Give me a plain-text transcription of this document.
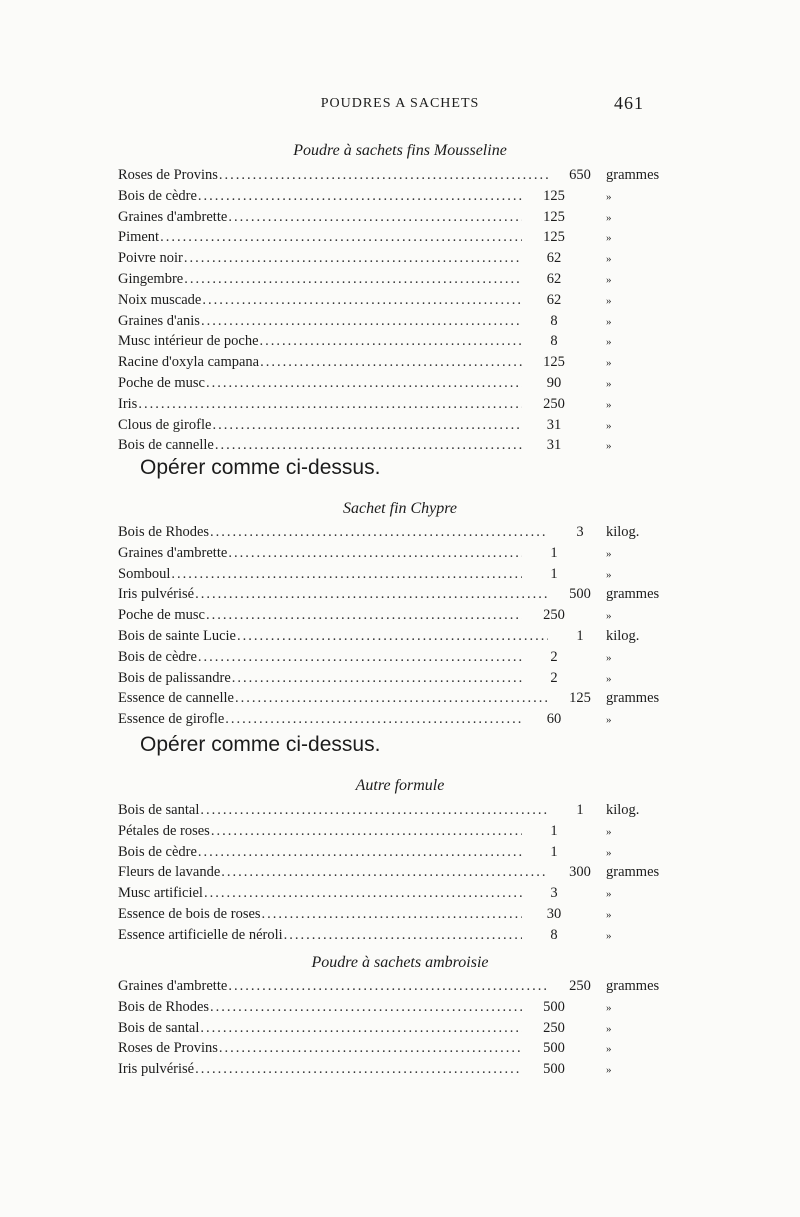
POUDRES A SACHETS	461
Poudre à sachets fins Mousseline
Roses de Provins .....	650	grammes
Bois de cèdre .....	125	»
Graines d'ambrette .....	125	»
Piment .....	125	»
Poivre noir .....	62	»
Gingembre .....	62	»
Noix muscade .....	62	»
Graines d'anis .....	8	»
Musc intérieur de poche .....	8	»
Racine d'oxyla campana .....	125	»
Poche de musc .....	90	»
Iris .....	250	»
Clous de girofle .....	31	»
Bois de cannelle .....	31	»
Opérer comme ci-dessus.
Sachet fin Chypre
Bois de Rhodes .....	3	kilog.
Graines d'ambrette .....	1	»
Somboul .....	1	»
Iris pulvérisé .....	500	grammes
Poche de musc .....	250	»
Bois de sainte Lucie .....	1	kilog.
Bois de cèdre .....	2	»
Bois de palissandre .....	2	»
Essence de cannelle .....	125	grammes
Essence de girofle .....	60	»
Opérer comme ci-dessus.
Autre formule
Bois de santal .....	1	kilog.
Pétales de roses .....	1	»
Bois de cèdre .....	1	»
Fleurs de lavande .....	300	grammes
Musc artificiel .....	3	»
Essence de bois de roses .....	30	»
Essence artificielle de néroli .....	8	»
Poudre à sachets ambroisie
Graines d'ambrette .....	250	grammes
Bois de Rhodes .....	500	»
Bois de santal .....	250	»
Roses de Provins .....	500	»
Iris pulvérisé .....	500	»
